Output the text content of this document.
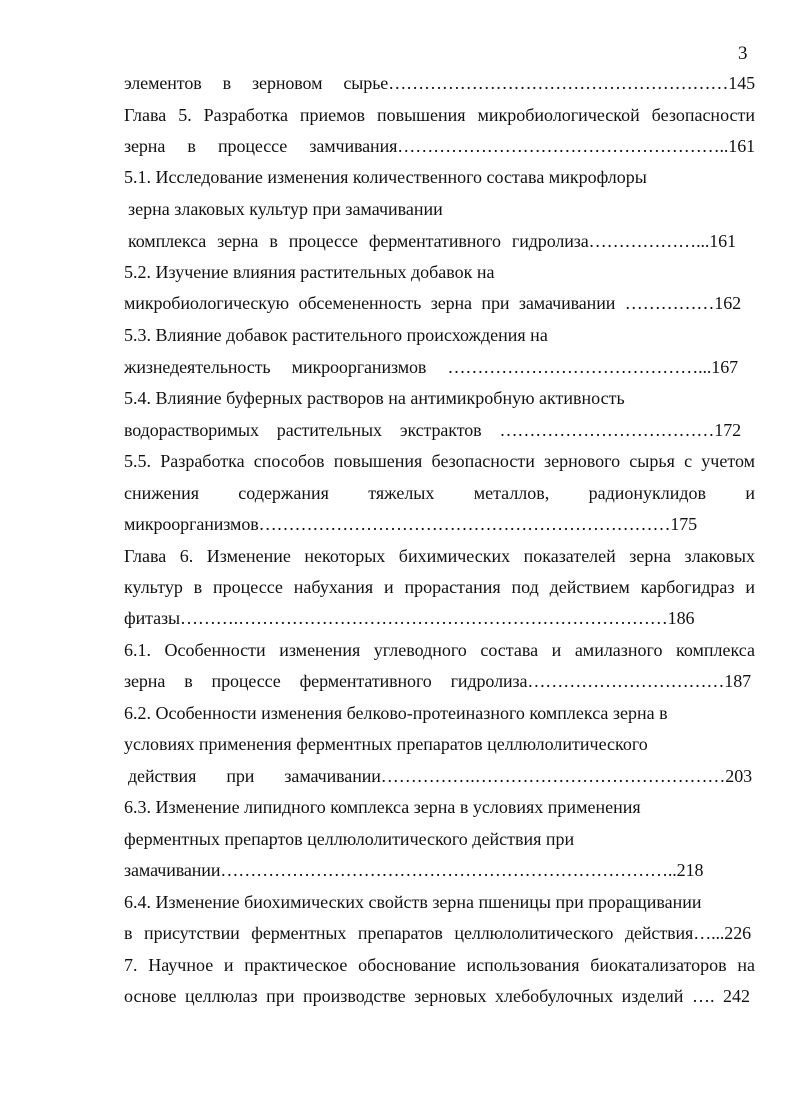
3
элементов в зерновом сырье…………………………………………………145
Глава 5. Разработка приемов повышения микробиологической безопасности
зерна в процессе замчивания………………………………………………..161
5.1. Исследование изменения количественного состава микрофлоры
зерна злаковых культур при замачивании
комплекса зерна в процессе ферментативного гидролиза………………...161
5.2. Изучение влияния растительных добавок на
микробиологическую обсемененность зерна при замачивании ……………162
5.3. Влияние добавок растительного происхождения на
жизнедеятельность микроорганизмов ……………………………………...167
5.4. Влияние буферных растворов на антимикробную активность
водорастворимых растительных экстрактов ………………………………172
5.5. Разработка способов повышения безопасности зернового сырья с учетом
снижения содержания тяжелых металлов, радионуклидов и
микроорганизмов……………………………………………………………175
Глава 6. Изменение некоторых бихимических показателей зерна злаковых
культур в процессе набухания и прорастания под действием карбогидраз и
фитазы……….………………………………………………………………186
6.1. Особенности изменения углеводного состава и амилазного комплекса
зерна в процессе ферментативного гидролиза……………………………187
6.2. Особенности изменения белково-протеиназного комплекса зерна в
условиях применения ферментных препаратов целлюлолитического
действия при замачивании…………….……………………………………203
6.3. Изменение липидного комплекса зерна в условиях применения
ферментных препартов целлюлолитического действия при
замачивании…………………………………………………………………..218
6.4. Изменение биохимических свойств зерна пшеницы при проращивании
в присутствии ферментных препаратов целлюлолитического действия…...226
7. Научное и практическое обоснование использования биокатализаторов на
основе целлюлаз при производстве зерновых хлебобулочных изделий …. 242
